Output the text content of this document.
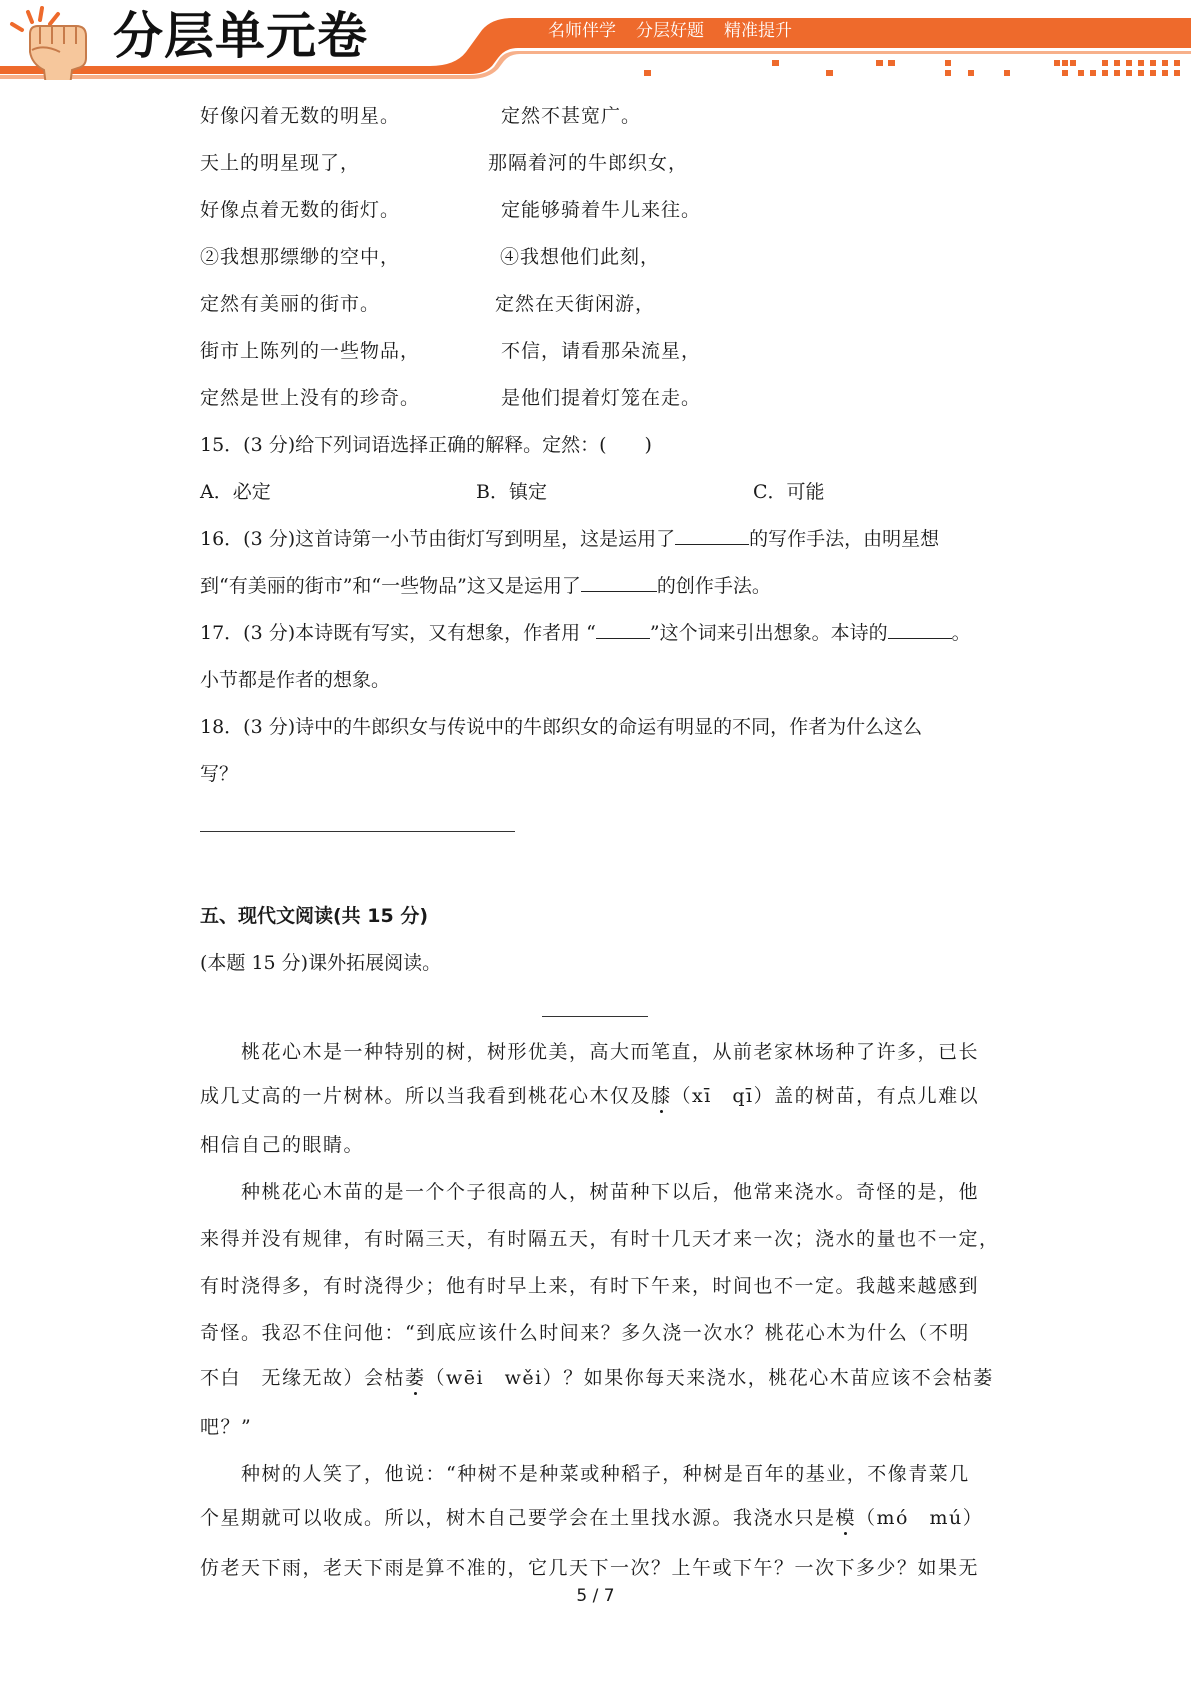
分层单元卷	名师伴学 分层好题 精准提升
好像闪着无数的明星。	定然不甚宽广。
天上的明星现了，	那隔着河的牛郎织女，
好像点着无数的街灯。	定能够骑着牛儿来往。
②我想那缥缈的空中，	④我想他们此刻，
定然有美丽的街市。	定然在天街闲游，
街市上陈列的一些物品，	不信，请看那朵流星，
定然是世上没有的珍奇。	是他们提着灯笼在走。
15．(3 分)给下列词语选择正确的解释。定然：(　　)
A．必定	B．镇定	C．可能
16．(3 分)这首诗第一小节由街灯写到明星，这是运用了	的写作手法，由明星想
到“有美丽的街市”和“一些物品”这又是运用了	的创作手法。
17．(3 分)本诗既有写实，又有想象，作者用 “	”这个词来引出想象。本诗的	。
小节都是作者的想象。
18．(3 分)诗中的牛郎织女与传说中的牛郎织女的命运有明显的不同，作者为什么这么
写？
五、现代文阅读(共 15 分)
(本题 15 分)课外拓展阅读。
桃花心木是一种特别的树，树形优美，高大而笔直，从前老家林场种了许多，已长
成几丈高的一片树林。所以当我看到桃花心木仅及膝（xī　qī）盖的树苗，有点儿难以
相信自己的眼睛。
种桃花心木苗的是一个个子很高的人，树苗种下以后，他常来浇水。奇怪的是，他
来得并没有规律，有时隔三天，有时隔五天，有时十几天才来一次；浇水的量也不一定，
有时浇得多，有时浇得少；他有时早上来，有时下午来，时间也不一定。我越来越感到
奇怪。我忍不住问他：“到底应该什么时间来？多久浇一次水？桃花心木为什么（不明
不白　无缘无故）会枯萎（wēi　wěi）？如果你每天来浇水，桃花心木苗应该不会枯萎
吧？”
种树的人笑了，他说：“种树不是种菜或种稻子，种树是百年的基业，不像青菜几
个星期就可以收成。所以，树木自己要学会在土里找水源。我浇水只是模（mó　mú）
仿老天下雨，老天下雨是算不准的，它几天下一次？上午或下午？一次下多少？如果无
5 / 7
